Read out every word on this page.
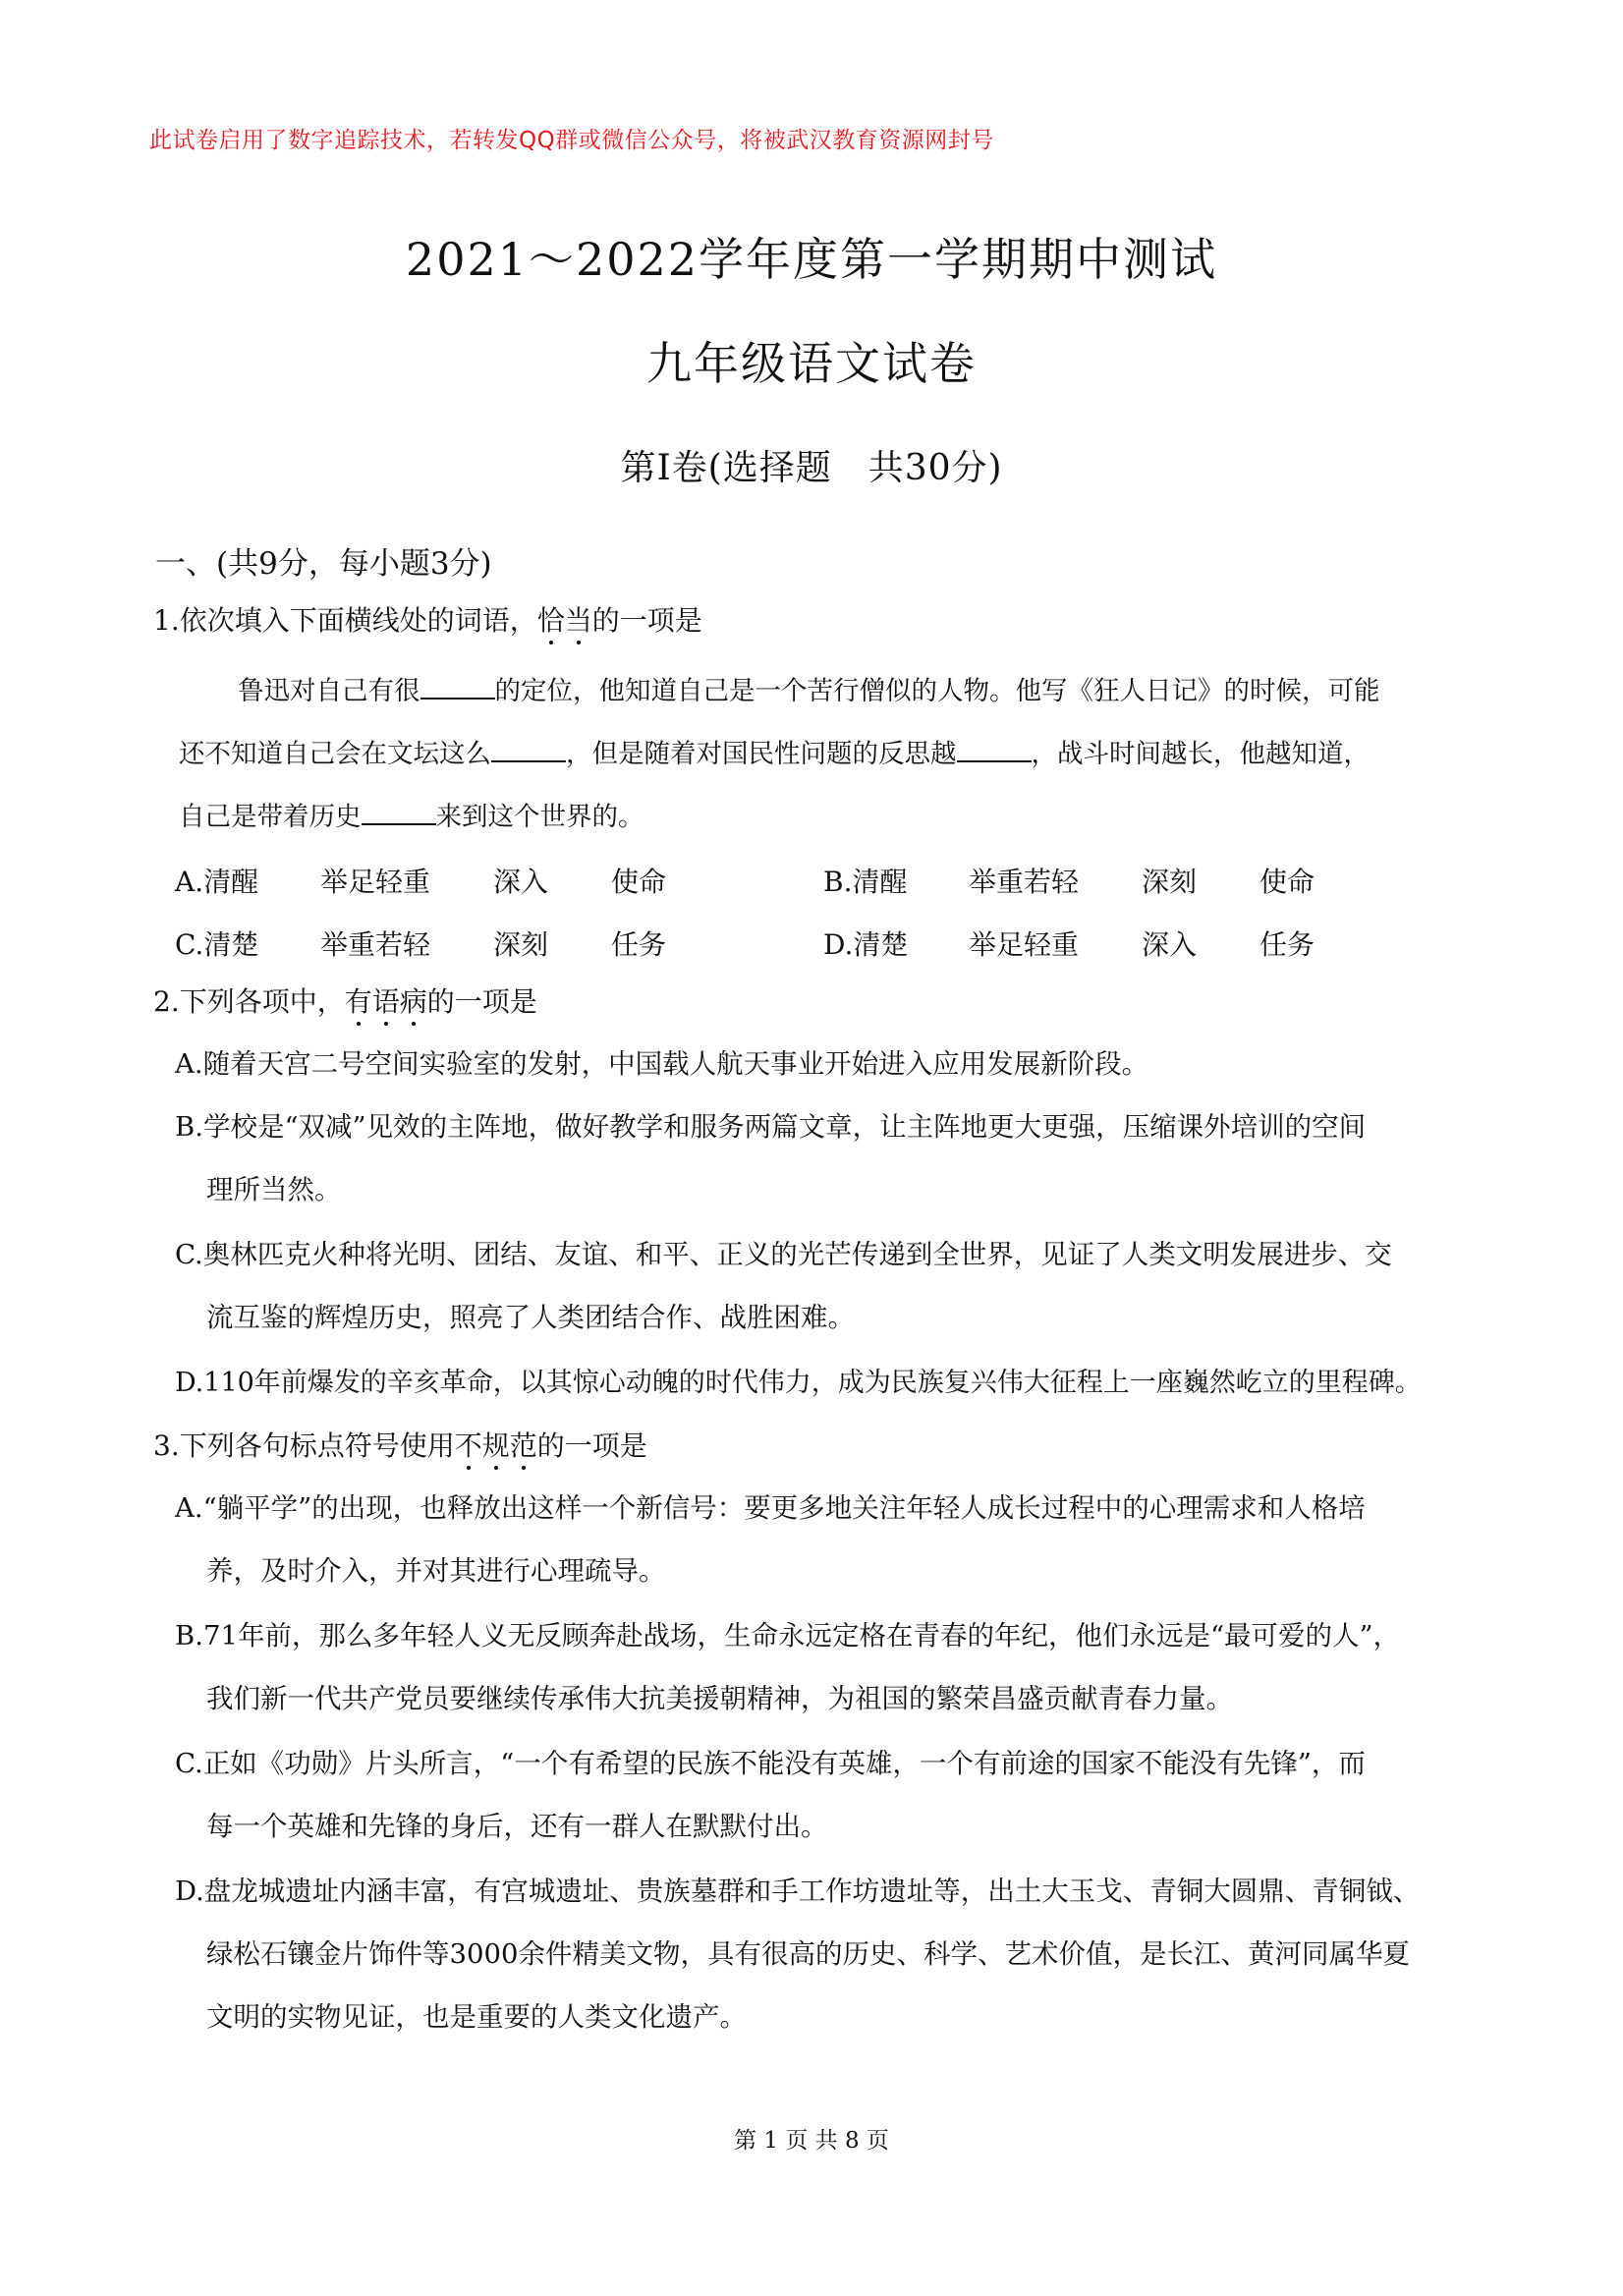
此试卷启用了数字追踪技术，若转发QQ群或微信公众号，将被武汉教育资源网封号
2021～2022学年度第一学期期中测试
九年级语文试卷
第Ⅰ卷(选择题　共30分)
一、(共9分，每小题3分)
1.依次填入下面横线处的词语，恰当的一项是
鲁迅对自己有很	的定位，他知道自己是一个苦行僧似的人物。他写《狂人日记》的时候，可能
还不知道自己会在文坛这么	，但是随着对国民性问题的反思越	，战斗时间越长，他越知道，
自己是带着历史	来到这个世界的。
A.清醒 举足轻重 深入 使命	B.清醒 举重若轻 深刻 使命
C.清楚 举重若轻 深刻 任务	D.清楚 举足轻重 深入 任务
2.下列各项中，有语病的一项是
A.随着天宫二号空间实验室的发射，中国载人航天事业开始进入应用发展新阶段。
B.学校是“双减”见效的主阵地，做好教学和服务两篇文章，让主阵地更大更强，压缩课外培训的空间
理所当然。
C.奥林匹克火种将光明、团结、友谊、和平、正义的光芒传递到全世界，见证了人类文明发展进步、交
流互鉴的辉煌历史，照亮了人类团结合作、战胜困难。
D.110年前爆发的辛亥革命，以其惊心动魄的时代伟力，成为民族复兴伟大征程上一座巍然屹立的里程碑。
3.下列各句标点符号使用不规范的一项是
A.“躺平学”的出现，也释放出这样一个新信号：要更多地关注年轻人成长过程中的心理需求和人格培
养，及时介入，并对其进行心理疏导。
B.71年前，那么多年轻人义无反顾奔赴战场，生命永远定格在青春的年纪，他们永远是“最可爱的人”，
我们新一代共产党员要继续传承伟大抗美援朝精神，为祖国的繁荣昌盛贡献青春力量。
C.正如《功勋》片头所言，“一个有希望的民族不能没有英雄，一个有前途的国家不能没有先锋”，而
每一个英雄和先锋的身后，还有一群人在默默付出。
D.盘龙城遗址内涵丰富，有宫城遗址、贵族墓群和手工作坊遗址等，出土大玉戈、青铜大圆鼎、青铜钺、
绿松石镶金片饰件等3000余件精美文物，具有很高的历史、科学、艺术价值，是长江、黄河同属华夏
文明的实物见证，也是重要的人类文化遗产。
第 1 页 共 8 页
